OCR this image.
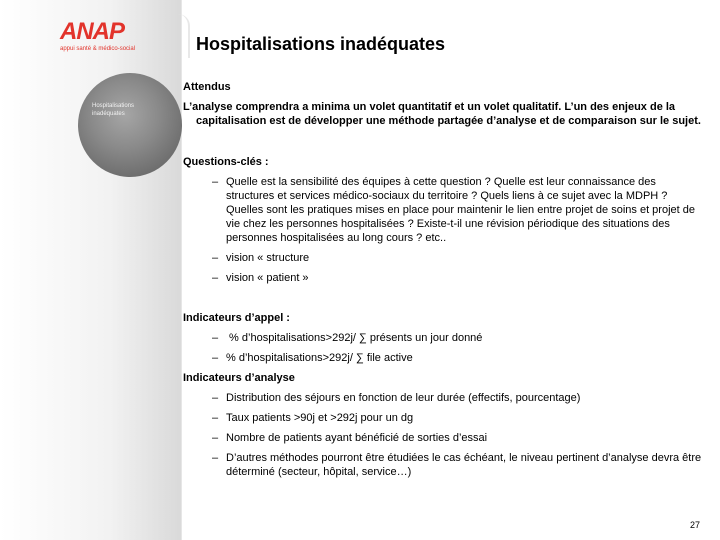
ANAP
appui santé & médico-social	Hospitalisations inadéquates
Hospitalisations inadéquates
Attendus
L’analyse comprendra a minima un volet quantitatif et un volet qualitatif. L’un des enjeux de la capitalisation est de développer une méthode partagée d’analyse et de comparaison sur le sujet.
Questions-clés :
– Quelle est la sensibilité des équipes à cette question ? Quelle est leur connaissance des structures et services médico-sociaux du territoire ? Quels liens à ce sujet avec la MDPH ? Quelles sont les pratiques mises en place pour maintenir le lien entre projet de soins et projet de vie chez les personnes hospitalisées ? Existe-t-il une révision périodique des situations des personnes hospitalisées au long cours ? etc..
– vision « structure
– vision « patient »
Indicateurs d’appel :
– % d’hospitalisations>292j/ ∑ présents un jour donné
– % d’hospitalisations>292j/ ∑ file active
Indicateurs d’analyse
– Distribution des séjours en fonction de leur durée (effectifs, pourcentage)
– Taux patients >90j et >292j pour un dg
– Nombre de patients ayant bénéficié de sorties d’essai
– D’autres méthodes pourront être étudiées le cas échéant, le niveau pertinent d’analyse devra être déterminé (secteur, hôpital, service…)
27
